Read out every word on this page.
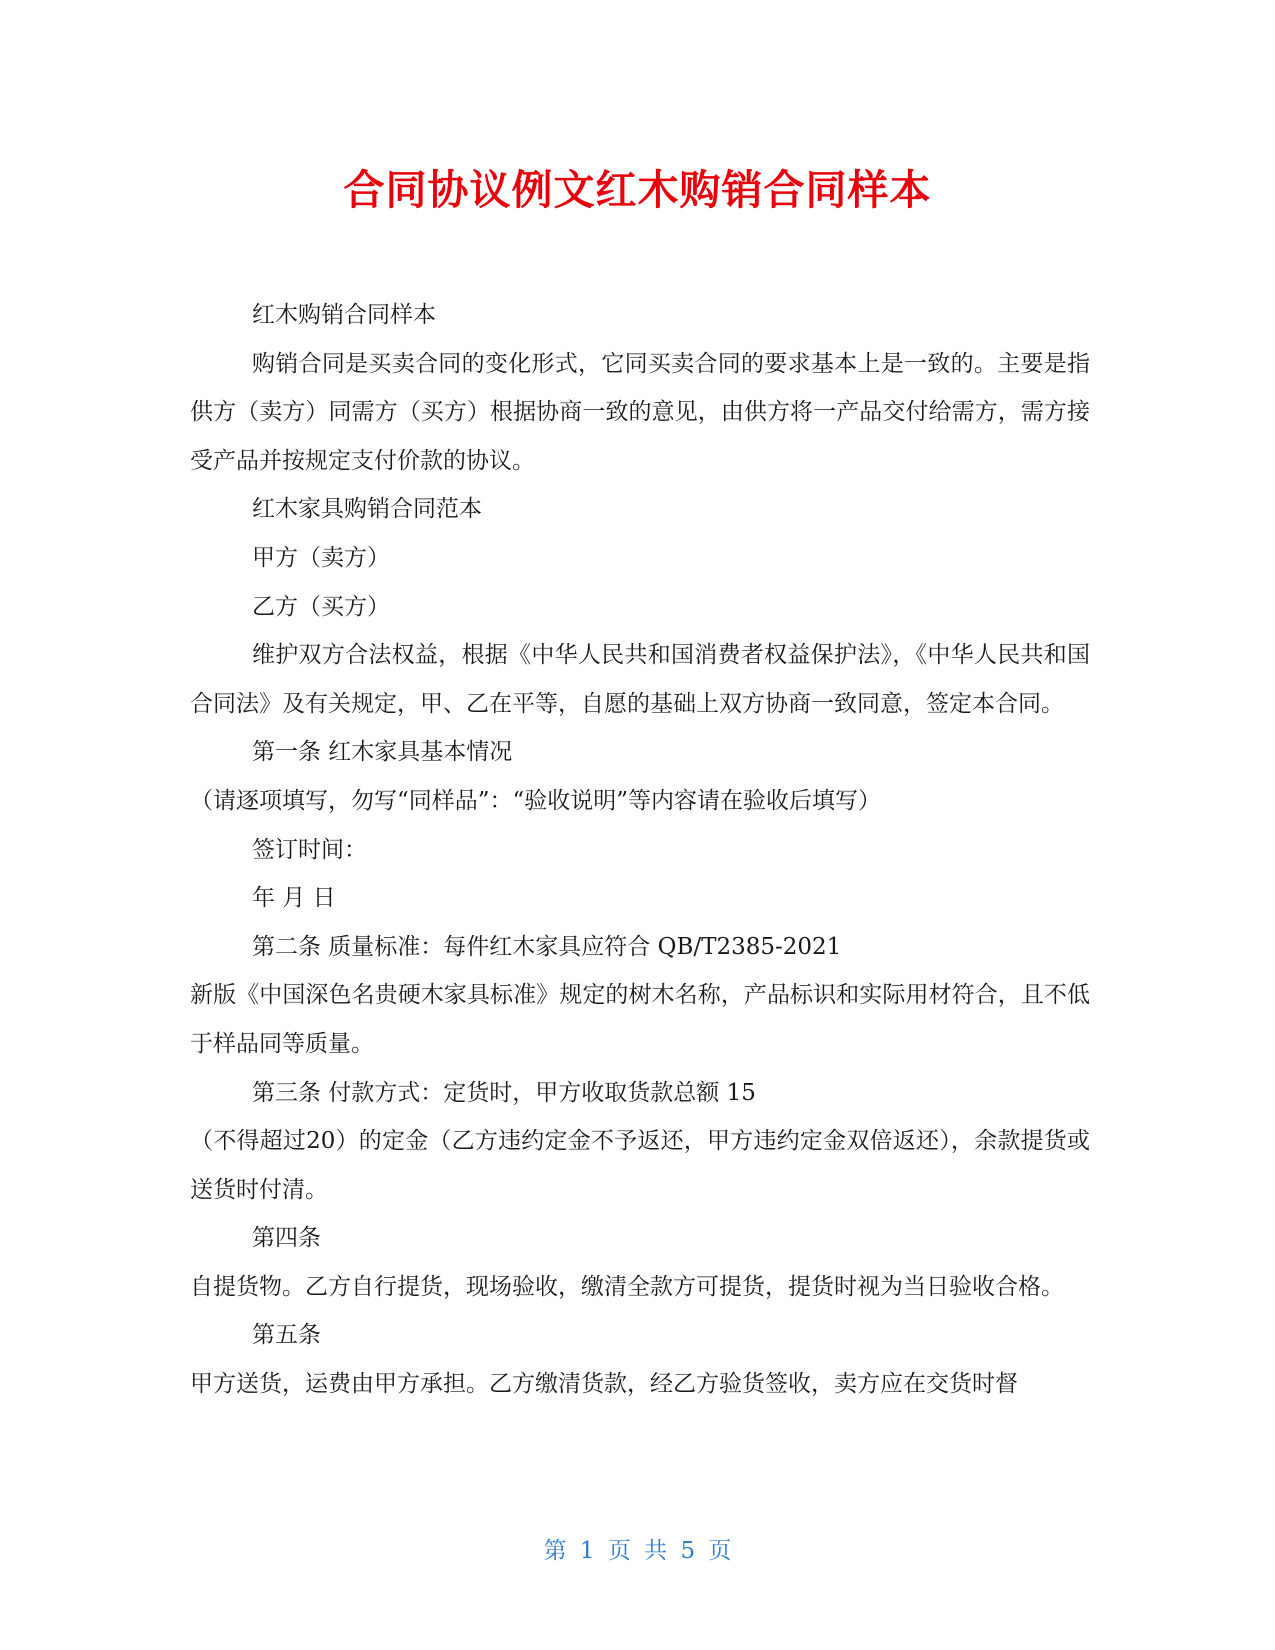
合同协议例文红木购销合同样本

红木购销合同样本

购销合同是买卖合同的变化形式，它同买卖合同的要求基本上是一致的。主要是指供方（卖方）同需方（买方）根据协商一致的意见，由供方将一产品交付给需方，需方接受产品并按规定支付价款的协议。

红木家具购销合同范本

甲方（卖方）

乙方（买方）

维护双方合法权益，根据《中华人民共和国消费者权益保护法》，《中华人民共和国合同法》及有关规定，甲、乙在平等，自愿的基础上双方协商一致同意，签定本合同。

第一条 红木家具基本情况

（请逐项填写，勿写“同样品”：“验收说明”等内容请在验收后填写）

签订时间：

年 月 日

第二条 质量标准：每件红木家具应符合 QB/T2385-2021

新版《中国深色名贵硬木家具标准》规定的树木名称，产品标识和实际用材符合，且不低于样品同等质量。

第三条 付款方式：定货时，甲方收取货款总额 15

（不得超过20）的定金（乙方违约定金不予返还，甲方违约定金双倍返还），余款提货或送货时付清。

第四条

自提货物。乙方自行提货，现场验收，缴清全款方可提货，提货时视为当日验收合格。

第五条

甲方送货，运费由甲方承担。乙方缴清货款，经乙方验货签收，卖方应在交货时督

第 1 页 共 5 页
